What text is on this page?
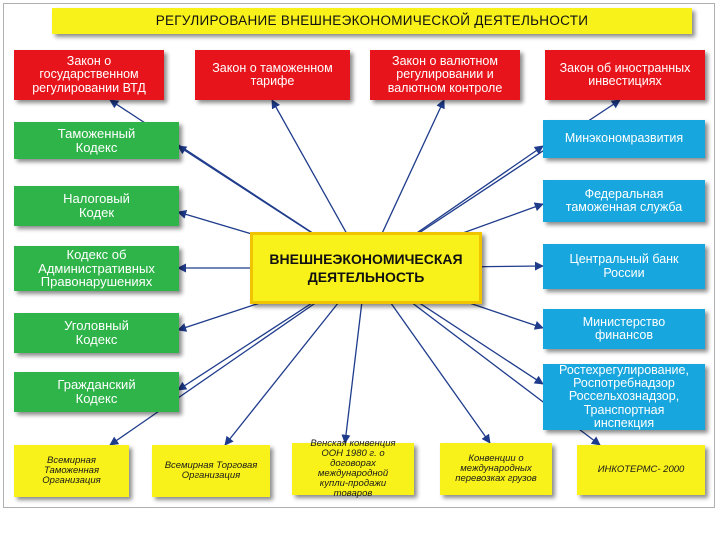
РЕГУЛИРОВАНИЕ ВНЕШНЕЭКОНОМИЧЕСКОЙ ДЕЯТЕЛЬНОСТИ
Закон о
государственном
регулировании ВТД
Закон о таможенном
тарифе
Закон о валютном
регулировании и
валютном контроле
Закон об иностранных
инвестициях
Таможенный
Кодекс
Налоговый
Кодек
Кодекс об
Административных
Правонарушениях
Уголовный
Кодекс
Гражданский
Кодекс
Минэкономразвития
Федеральная
таможенная служба
Центральный банк
России
Министерство
финансов
Ростехрегулирование,
Роспотребнадзор
Россельхознадзор,
Транспортная
инспекция
ВНЕШНЕЭКОНОМИЧЕСКАЯ
ДЕЯТЕЛЬНОСТЬ
Всемирная
Таможенная
Организация
Всемирная Торговая
Организация
Венская конвенция
ООН 1980 г. о
договорах
международной
купли-продажи
товаров
Конвенции о
международных
перевозках грузов
ИНКОТЕРМС- 2000
